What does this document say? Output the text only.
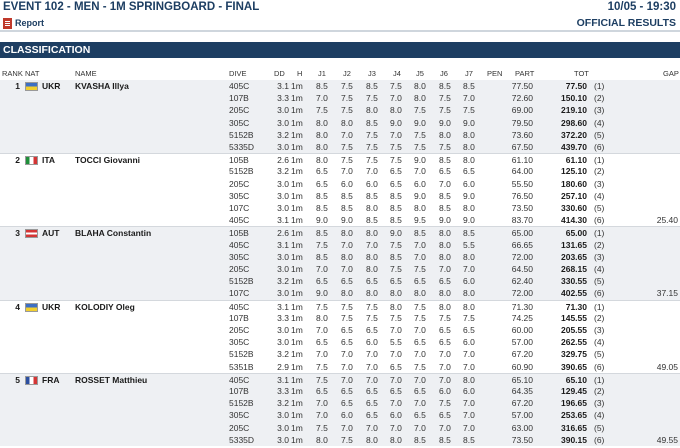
EVENT 102 - MEN - 1M SPRINGBOARD - FINAL	10/05 - 19:30
Report	OFFICIAL RESULTS
CLASSIFICATION
RANK NAT	NAME	DIVE	DD H J1 J2 J3 J4 J5 J6 J7 PEN PART	TOT	GAP
1	UKR KVASHA Illya	405C	3.1 1m 8.5 7.5 8.5 7.5 8.0 8.5 8.5	77.50	77.50 (1)
107B	3.3 1m 7.0 7.5 7.5 7.0 8.0 7.5 7.0	72.60	150.10 (2)
205C	3.0 1m 7.5 7.5 8.0 8.0 7.5 7.5 7.5	69.00	219.10 (3)
305C	3.0 1m 8.0 8.0 8.5 9.0 9.0 9.0 9.0	79.50	298.60 (4)
5152B	3.2 1m 8.0 7.0 7.5 7.0 7.5 8.0 8.0	73.60	372.20 (5)
5335D	3.0 1m 8.0 7.5 7.5 7.5 7.5 7.5 8.0	67.50	439.70 (6)
2	ITA TOCCI Giovanni	105B	2.6 1m 8.0 7.5 7.5 7.5 9.0 8.5 8.0	61.10	61.10 (1)
5152B	3.2 1m 6.5 7.0 7.0 6.5 7.0 6.5 6.5	64.00	125.10 (2)
205C	3.0 1m 6.5 6.0 6.0 6.5 6.0 7.0 6.0	55.50	180.60 (3)
305C	3.0 1m 8.5 8.5 8.5 8.5 9.0 8.5 9.0	76.50	257.10 (4)
107C	3.0 1m 8.5 8.5 8.0 8.5 8.0 8.5 8.0	73.50	330.60 (5)
405C	3.1 1m 9.0 9.0 8.5 8.5 9.5 9.0 9.0	83.70	414.30 (6)	25.40
3	AUT BLAHA Constantin	105B	2.6 1m 8.5 8.0 8.0 9.0 8.5 8.0 8.5	65.00	65.00 (1)
405C	3.1 1m 7.5 7.0 7.0 7.5 7.0 8.0 5.5	66.65	131.65 (2)
305C	3.0 1m 8.5 8.0 8.0 8.5 7.0 8.0 8.0	72.00	203.65 (3)
205C	3.0 1m 7.0 7.0 8.0 7.5 7.5 7.0 7.0	64.50	268.15 (4)
5152B	3.2 1m 6.5 6.5 6.5 6.5 6.5 6.5 6.0	62.40	330.55 (5)
107C	3.0 1m 9.0 8.0 8.0 8.0 8.0 8.0 8.0	72.00	402.55 (6)	37.15
4	UKR KOLODIY Oleg	405C	3.1 1m 7.5 7.5 7.5 8.0 7.5 8.0 8.0	71.30	71.30 (1)
107B	3.3 1m 8.0 7.5 7.5 7.5 7.5 7.5 7.5	74.25	145.55 (2)
205C	3.0 1m 7.0 6.5 6.5 7.0 7.0 6.5 6.5	60.00	205.55 (3)
305C	3.0 1m 6.5 6.5 6.0 5.5 6.5 6.5 6.0	57.00	262.55 (4)
5152B	3.2 1m 7.0 7.0 7.0 7.0 7.0 7.0 7.0	67.20	329.75 (5)
5351B	2.9 1m 7.5 7.0 7.0 6.5 7.5 7.0 7.0	60.90	390.65 (6)	49.05
5	FRA ROSSET Matthieu	405C	3.1 1m 7.5 7.0 7.0 7.0 7.0 7.0 8.0	65.10	65.10 (1)
107B	3.3 1m 6.5 6.5 6.5 6.5 6.5 6.0 6.0	64.35	129.45 (2)
5152B	3.2 1m 7.0 6.5 6.5 7.0 7.0 7.5 7.0	67.20	196.65 (3)
305C	3.0 1m 7.0 6.0 6.5 6.0 6.5 6.5 7.0	57.00	253.65 (4)
205C	3.0 1m 7.5 7.0 7.0 7.0 7.0 7.0 7.0	63.00	316.65 (5)
5335D	3.0 1m 8.0 7.5 8.0 8.0 8.5 8.5 8.5	73.50	390.15 (6)	49.55
